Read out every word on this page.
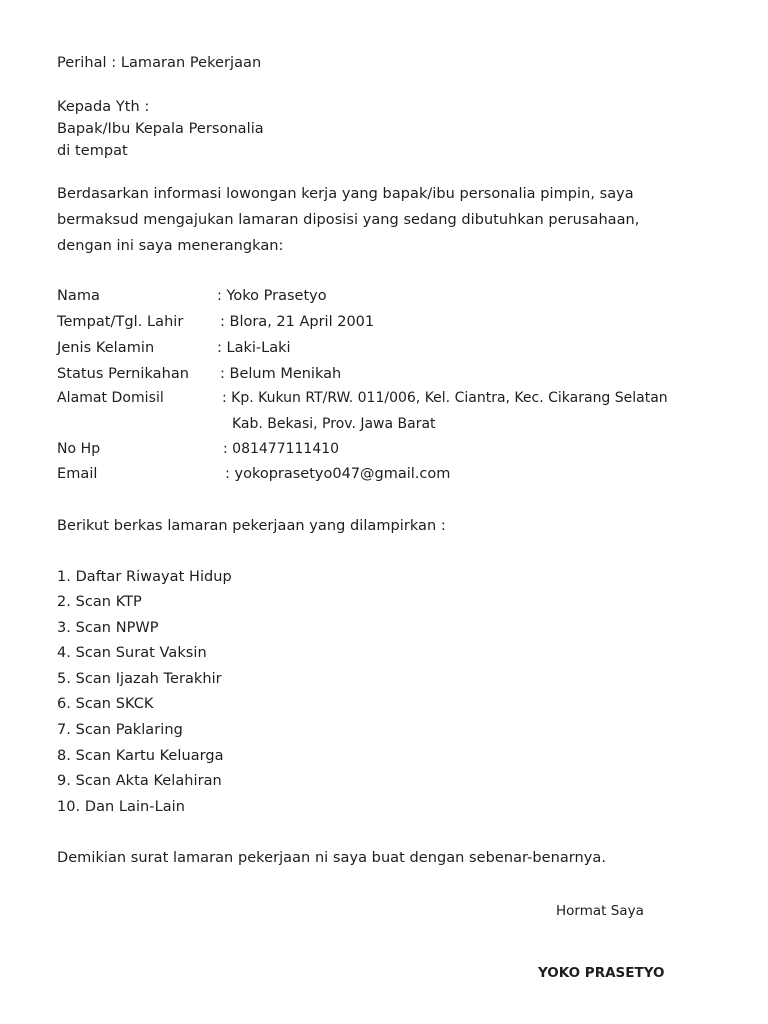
Perihal : Lamaran Pekerjaan
Kepada Yth :
Bapak/Ibu Kepala Personalia
di tempat
Berdasarkan informasi lowongan kerja yang bapak/ibu personalia pimpin, saya
bermaksud mengajukan lamaran diposisi yang sedang dibutuhkan perusahaan,
dengan ini saya menerangkan:
Nama	: Yoko Prasetyo
Tempat/Tgl. Lahir	: Blora, 21 April 2001
Jenis Kelamin	: Laki-Laki
Status Pernikahan : Belum Menikah
Alamat Domisil	: Kp. Kukun RT/RW. 011/006, Kel. Ciantra, Kec. Cikarang Selatan
Kab. Bekasi, Prov. Jawa Barat
No Hp	: 081477111410
Email	: yokoprasetyo047@gmail.com
Berikut berkas lamaran pekerjaan yang dilampirkan :
1. Daftar Riwayat Hidup
2. Scan KTP
3. Scan NPWP
4. Scan Surat Vaksin
5. Scan Ijazah Terakhir
6. Scan SKCK
7. Scan Paklaring
8. Scan Kartu Keluarga
9. Scan Akta Kelahiran
10. Dan Lain-Lain
Demikian surat lamaran pekerjaan ni saya buat dengan sebenar-benarnya.
Hormat Saya
YOKO PRASETYO
